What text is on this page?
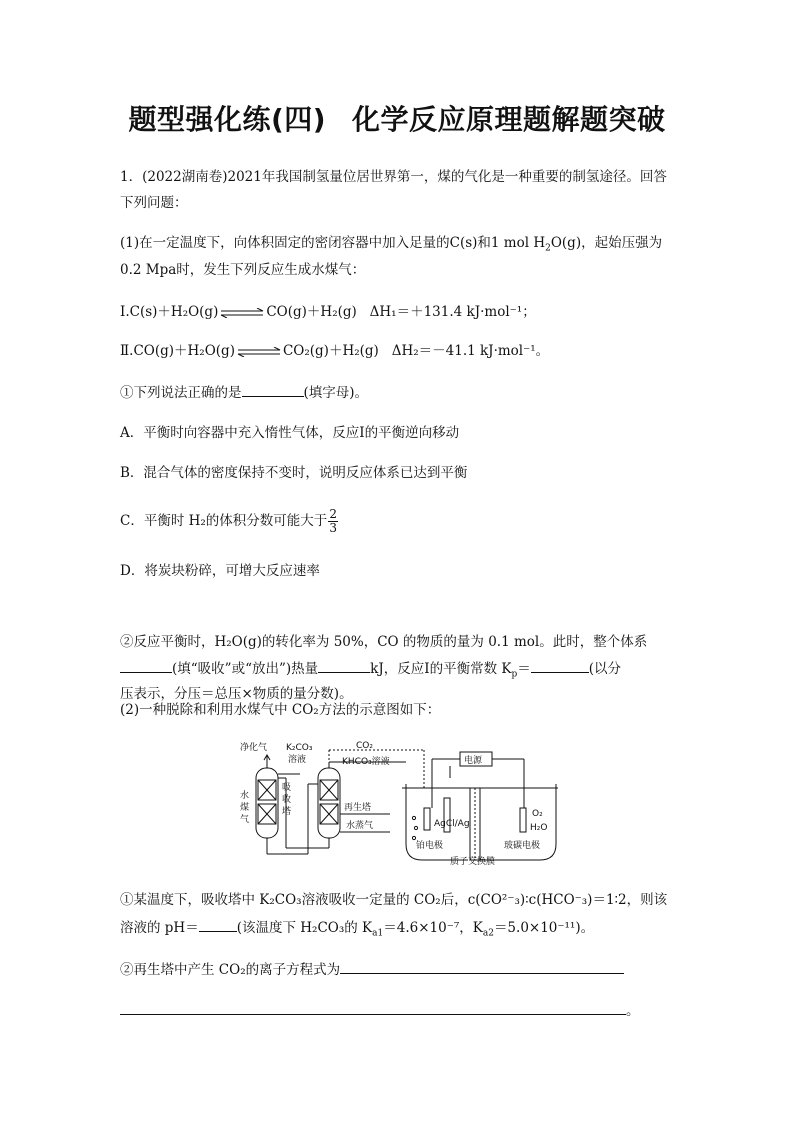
题型强化练(四) 化学反应原理题解题突破
1．(2022湖南卷)2021年我国制氢量位居世界第一，煤的气化是一种重要的制氢途径。回答
下列问题：
(1)在一定温度下，向体积固定的密闭容器中加入足量的C(s)和1 mol $H_2O(g)$，起始压强为
0.2 Mpa时，发生下列反应生成水煤气：
Ⅰ.C(s)＋H₂O(g)⇌CO(g)＋H₂(g) ΔH₁＝＋131.4 kJ·mol⁻¹；
Ⅱ.CO(g)＋H₂O(g)⇌CO₂(g)＋H₂(g) ΔH₂＝－41.1 kJ·mol⁻¹。
①下列说法正确的是	(填字母)。
A．平衡时向容器中充入惰性气体，反应Ⅰ的平衡逆向移动
B．混合气体的密度保持不变时，说明反应体系已达到平衡
C．平衡时 H₂的体积分数可能大于 $\frac{2}{3}$
D．将炭块粉碎，可增大反应速率
②反应平衡时，H₂O(g)的转化率为 50%，CO 的物质的量为 0.1 mol。此时，整个体系
(填“吸收”或“放出”)热量	kJ，反应Ⅰ的平衡常数 $K_p=$	(以分
压表示，分压＝总压×物质的量分数)。
(2)一种脱除和利用水煤气中 CO₂方法的示意图如下：
净化气 K₂CO₃
溶液
CO₂
KHCO₃溶液	电源
吸
收
塔
水
煤
气
再生塔
水蒸气	AgCl/Ag
O₂
H₂O
铂电极	玻碳电极
质子交换膜
①某温度下，吸收塔中 K₂CO₃溶液吸收一定量的 CO₂后，c(CO²⁻₃)∶c(HCO⁻₃)＝1∶2，则该
溶液的 pH＝	(该温度下 H₂CO₃的 $K_{a1}=4.6\times 10^{-7}$，$K_{a2}=5.0\times 10^{-11}$)。
②再生塔中产生 CO₂的离子方程式为
。
